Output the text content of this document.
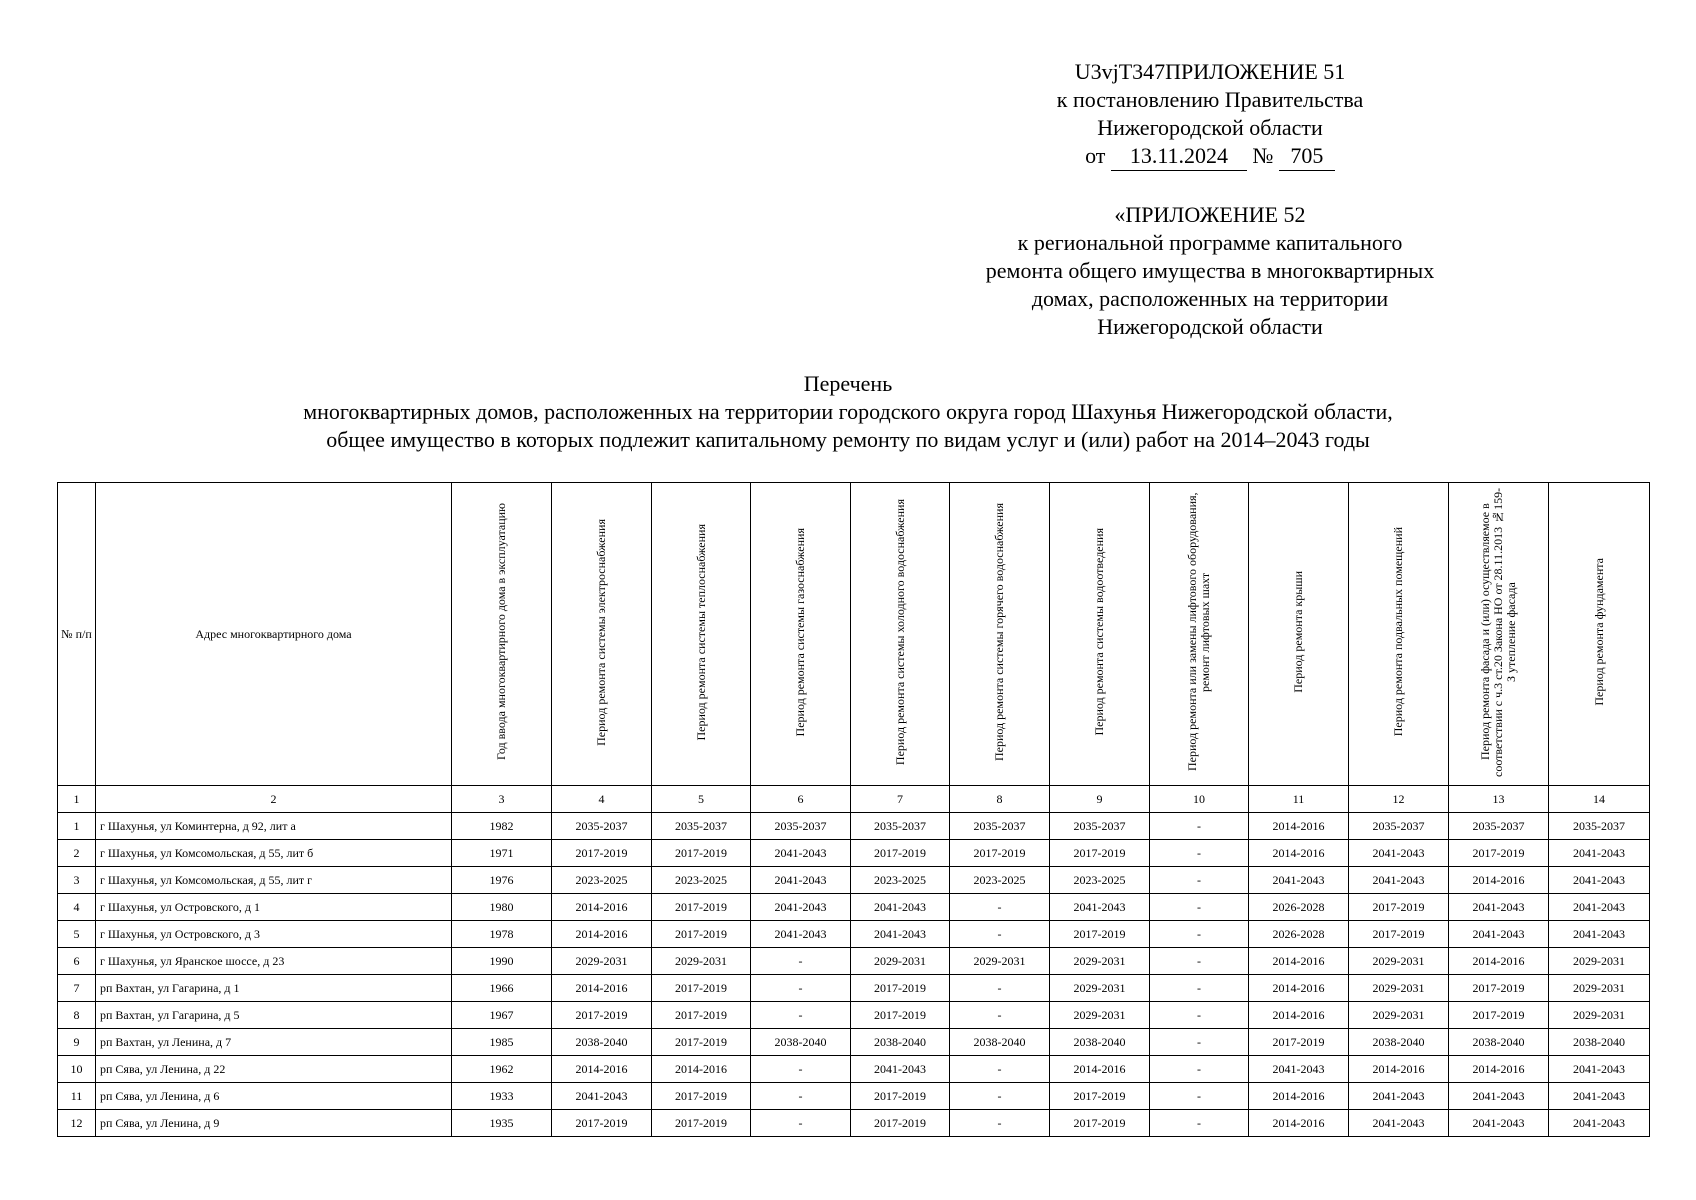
U3vjT347ПРИЛОЖЕНИЕ 51
к постановлению Правительства
Нижегородской области
от 13.11.2024 № 705
«ПРИЛОЖЕНИЕ 52
к региональной программе капитального
ремонта общего имущества в многоквартирных
домах, расположенных на территории
Нижегородской области
Перечень
многоквартирных домов, расположенных на территории городского округа город Шахунья Нижегородской области,
общее имущество в которых подлежит капитальному ремонту по видам услуг и (или) работ на 2014–2043 годы
№ п/п	Адрес многоквартирного дома	Год ввода многоквартирного дома в эксплуатацию	Период ремонта системы электроснабжения	Период ремонта системы теплоснабжения	Период ремонта системы газоснабжения	Период ремонта системы холодного водоснабжения	Период ремонта системы горячего водоснабжения	Период ремонта системы водоотведения	Период ремонта или замены лифтового оборудования, ремонт лифтовых шахт	Период ремонта крыши	Период ремонта подвальных помещений	Период ремонта фасада и (или) осуществляемое в соответствии с ч.3 ст.20 Закона НО от 28.11.2013 №159-З утепление фасада	Период ремонта фундамента
1	2	3	4	5	6	7	8	9	10	11	12	13	14
1	г Шахунья, ул Коминтерна, д 92, лит а	1982	2035-2037	2035-2037	2035-2037	2035-2037	2035-2037	2035-2037	-	2014-2016	2035-2037	2035-2037	2035-2037
2	г Шахунья, ул Комсомольская, д 55, лит б	1971	2017-2019	2017-2019	2041-2043	2017-2019	2017-2019	2017-2019	-	2014-2016	2041-2043	2017-2019	2041-2043
3	г Шахунья, ул Комсомольская, д 55, лит г	1976	2023-2025	2023-2025	2041-2043	2023-2025	2023-2025	2023-2025	-	2041-2043	2041-2043	2014-2016	2041-2043
4	г Шахунья, ул Островского, д 1	1980	2014-2016	2017-2019	2041-2043	2041-2043	-	2041-2043	-	2026-2028	2017-2019	2041-2043	2041-2043
5	г Шахунья, ул Островского, д 3	1978	2014-2016	2017-2019	2041-2043	2041-2043	-	2017-2019	-	2026-2028	2017-2019	2041-2043	2041-2043
6	г Шахунья, ул Яранское шоссе, д 23	1990	2029-2031	2029-2031	-	2029-2031	2029-2031	2029-2031	-	2014-2016	2029-2031	2014-2016	2029-2031
7	рп Вахтан, ул Гагарина, д 1	1966	2014-2016	2017-2019	-	2017-2019	-	2029-2031	-	2014-2016	2029-2031	2017-2019	2029-2031
8	рп Вахтан, ул Гагарина, д 5	1967	2017-2019	2017-2019	-	2017-2019	-	2029-2031	-	2014-2016	2029-2031	2017-2019	2029-2031
9	рп Вахтан, ул Ленина, д 7	1985	2038-2040	2017-2019	2038-2040	2038-2040	2038-2040	2038-2040	-	2017-2019	2038-2040	2038-2040	2038-2040
10	рп Сява, ул Ленина, д 22	1962	2014-2016	2014-2016	-	2041-2043	-	2014-2016	-	2041-2043	2014-2016	2014-2016	2041-2043
11	рп Сява, ул Ленина, д 6	1933	2041-2043	2017-2019	-	2017-2019	-	2017-2019	-	2014-2016	2041-2043	2041-2043	2041-2043
12	рп Сява, ул Ленина, д 9	1935	2017-2019	2017-2019	-	2017-2019	-	2017-2019	-	2014-2016	2041-2043	2041-2043	2041-2043
